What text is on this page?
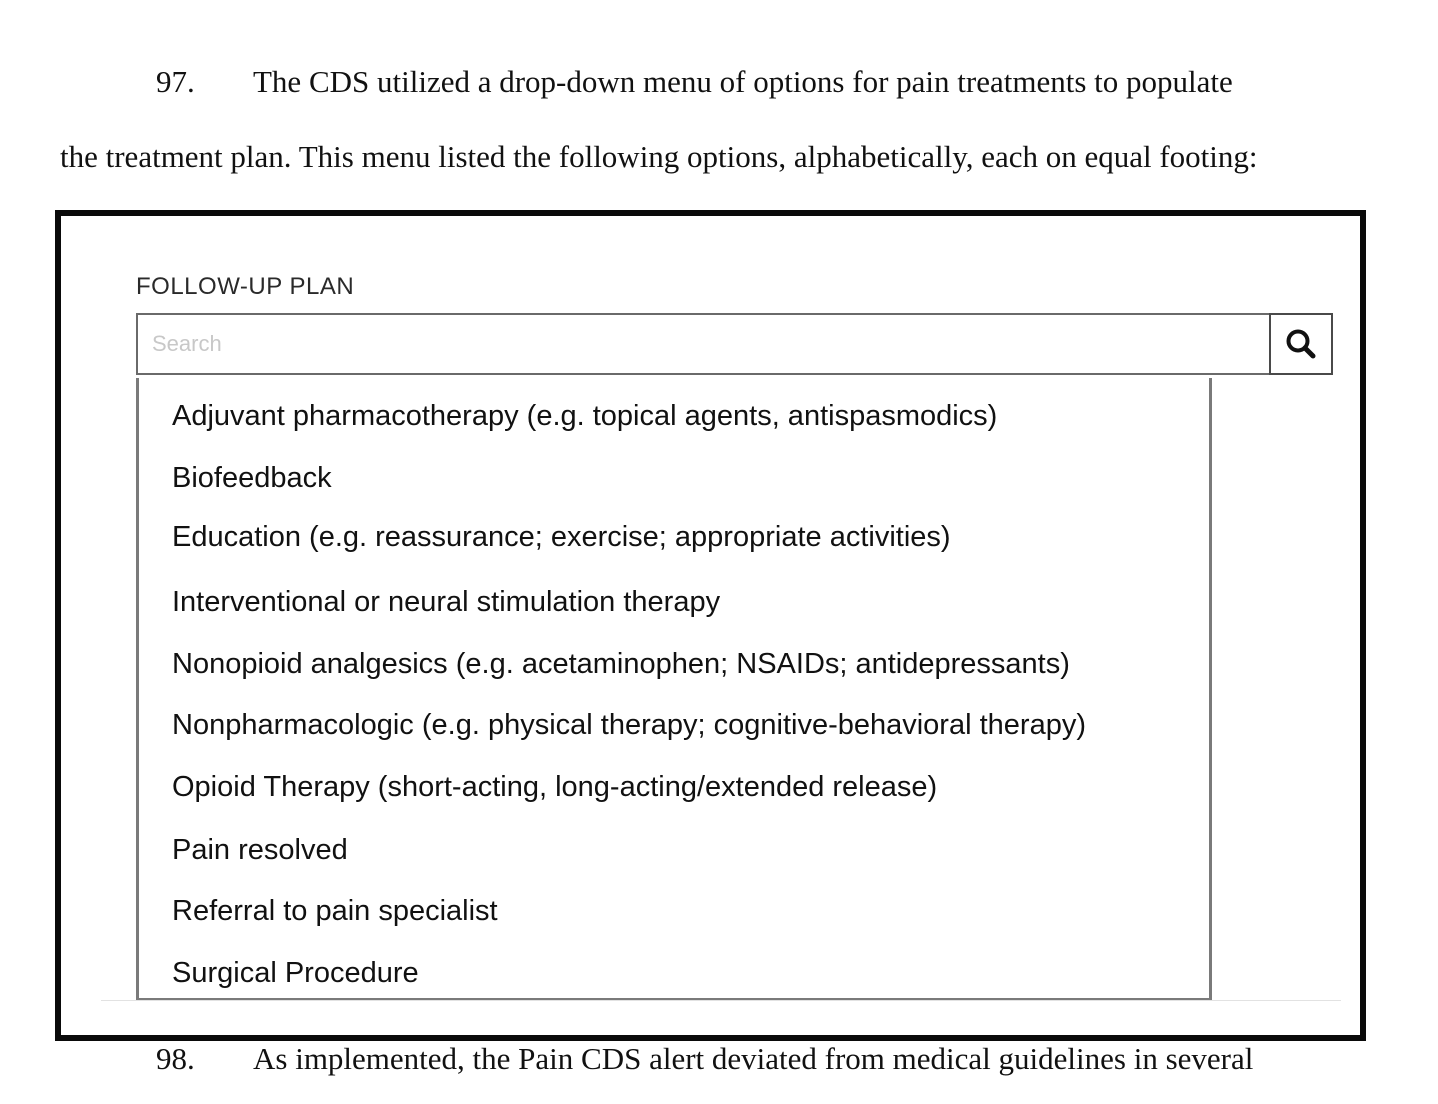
97. The CDS utilized a drop-down menu of options for pain treatments to populate

the treatment plan. This menu listed the following options, alphabetically, each on equal footing:

FOLLOW-UP PLAN
Search
Adjuvant pharmacotherapy (e.g. topical agents, antispasmodics)
Biofeedback
Education (e.g. reassurance; exercise; appropriate activities)
Interventional or neural stimulation therapy
Nonopioid analgesics (e.g. acetaminophen; NSAIDs; antidepressants)
Nonpharmacologic (e.g. physical therapy; cognitive-behavioral therapy)
Opioid Therapy (short-acting, long-acting/extended release)
Pain resolved
Referral to pain specialist
Surgical Procedure
98. As implemented, the Pain CDS alert deviated from medical guidelines in several
